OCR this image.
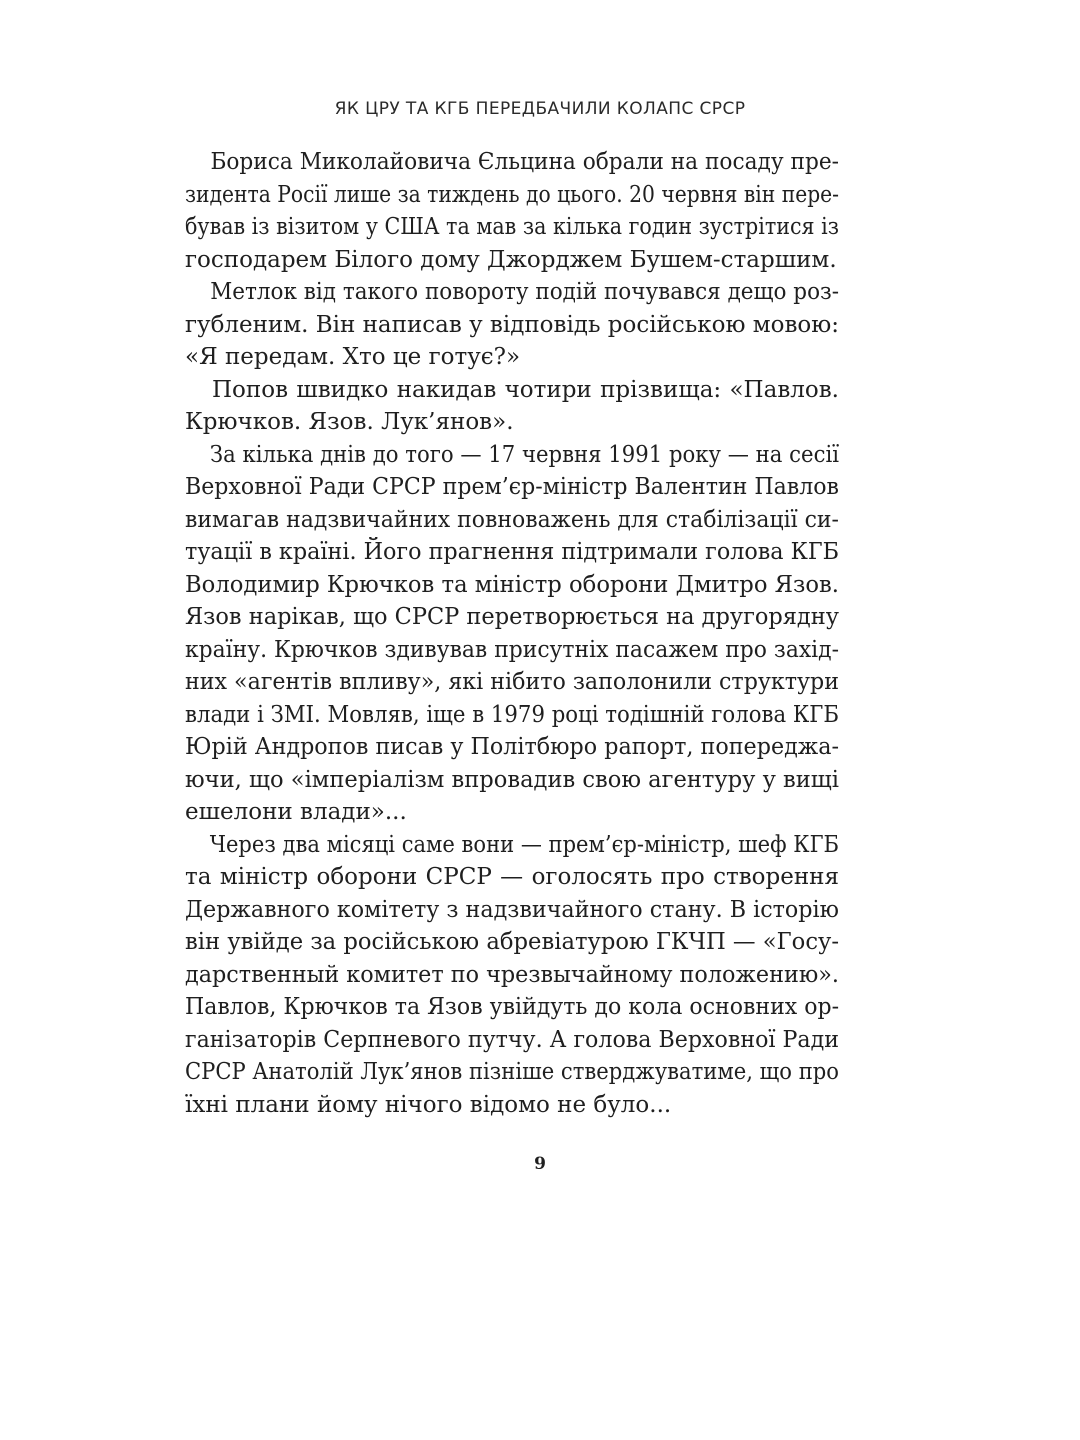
ЯК ЦРУ ТА КГБ ПЕРЕДБАЧИЛИ КОЛАПС СРСР
Бориса Миколайовича Єльцина обрали на посаду пре-
зидента Росії лише за тиждень до цього. 20 червня він пере-
бував із візитом у США та мав за кілька годин зустрітися із
господарем Білого дому Джорджем Бушем-старшим.
Метлок від такого повороту подій почувався дещо роз-
губленим. Він написав у відповідь російською мовою:
«Я передам. Хто це готує?»
Попов швидко накидав чотири прізвища: «Павлов.
Крючков. Язов. Лук’янов».
За кілька днів до того — 17 червня 1991 року — на сесії
Верховної Ради СРСР прем’єр-міністр Валентин Павлов
вимагав надзвичайних повноважень для стабілізації си-
туації в країні. Його прагнення підтримали голова КГБ
Володимир Крючков та міністр оборони Дмитро Язов.
Язов нарікав, що СРСР перетворюється на другорядну
країну. Крючков здивував присутніх пасажем про захід-
них «агентів впливу», які нібито заполонили структури
влади і ЗМІ. Мовляв, іще в 1979 році тодішній голова КГБ
Юрій Андропов писав у Політбюро рапорт, попереджа-
ючи, що «імперіалізм впровадив свою агентуру у вищі
ешелони влади»...
Через два місяці саме вони — прем’єр-міністр, шеф КГБ
та міністр оборони СРСР — оголосять про створення
Державного комітету з надзвичайного стану. В історію
він увійде за російською абревіатурою ГКЧП — «Госу-
дарственный комитет по чрезвычайному положению».
Павлов, Крючков та Язов увійдуть до кола основних ор-
ганізаторів Серпневого путчу. А голова Верховної Ради
СРСР Анатолій Лук’янов пізніше стверджуватиме, що про
їхні плани йому нічого відомо не було...
9
